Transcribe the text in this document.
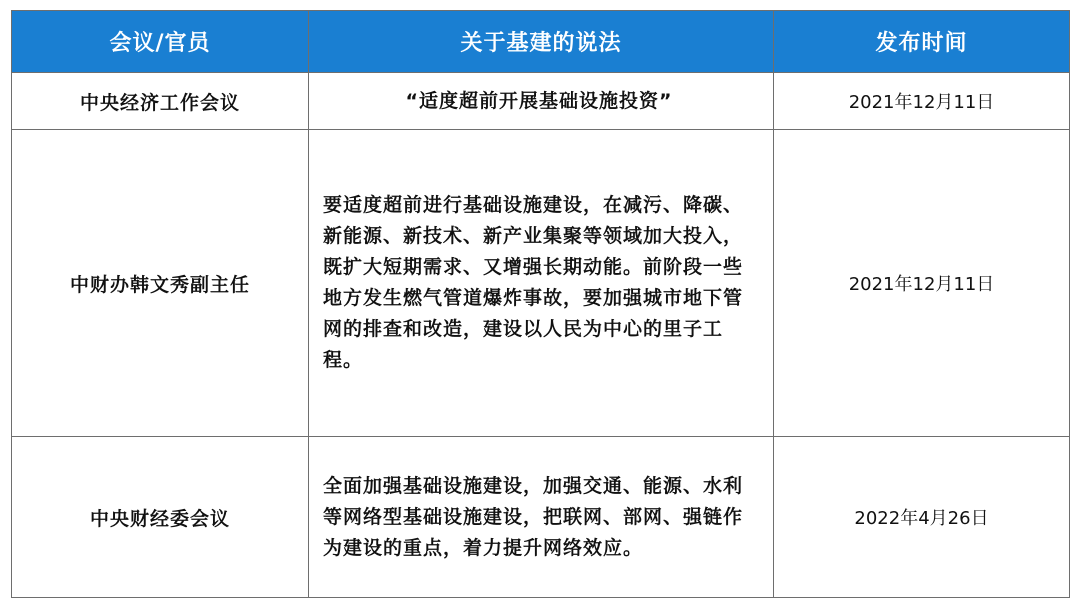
会议/官员	关于基建的说法	发布时间
中央经济工作会议	“适度超前开展基础设施投资”	2021年12月11日
中财办韩文秀副主任	要适度超前进行基础设施建设，在减污、降碳、新能源、新技术、新产业集聚等领域加大投入，既扩大短期需求、又增强长期动能。前阶段一些地方发生燃气管道爆炸事故，要加强城市地下管网的排查和改造，建设以人民为中心的里子工程。	2021年12月11日
中央财经委会议	全面加强基础设施建设，加强交通、能源、水利等网络型基础设施建设，把联网、部网、强链作为建设的重点，着力提升网络效应。	2022年4月26日
